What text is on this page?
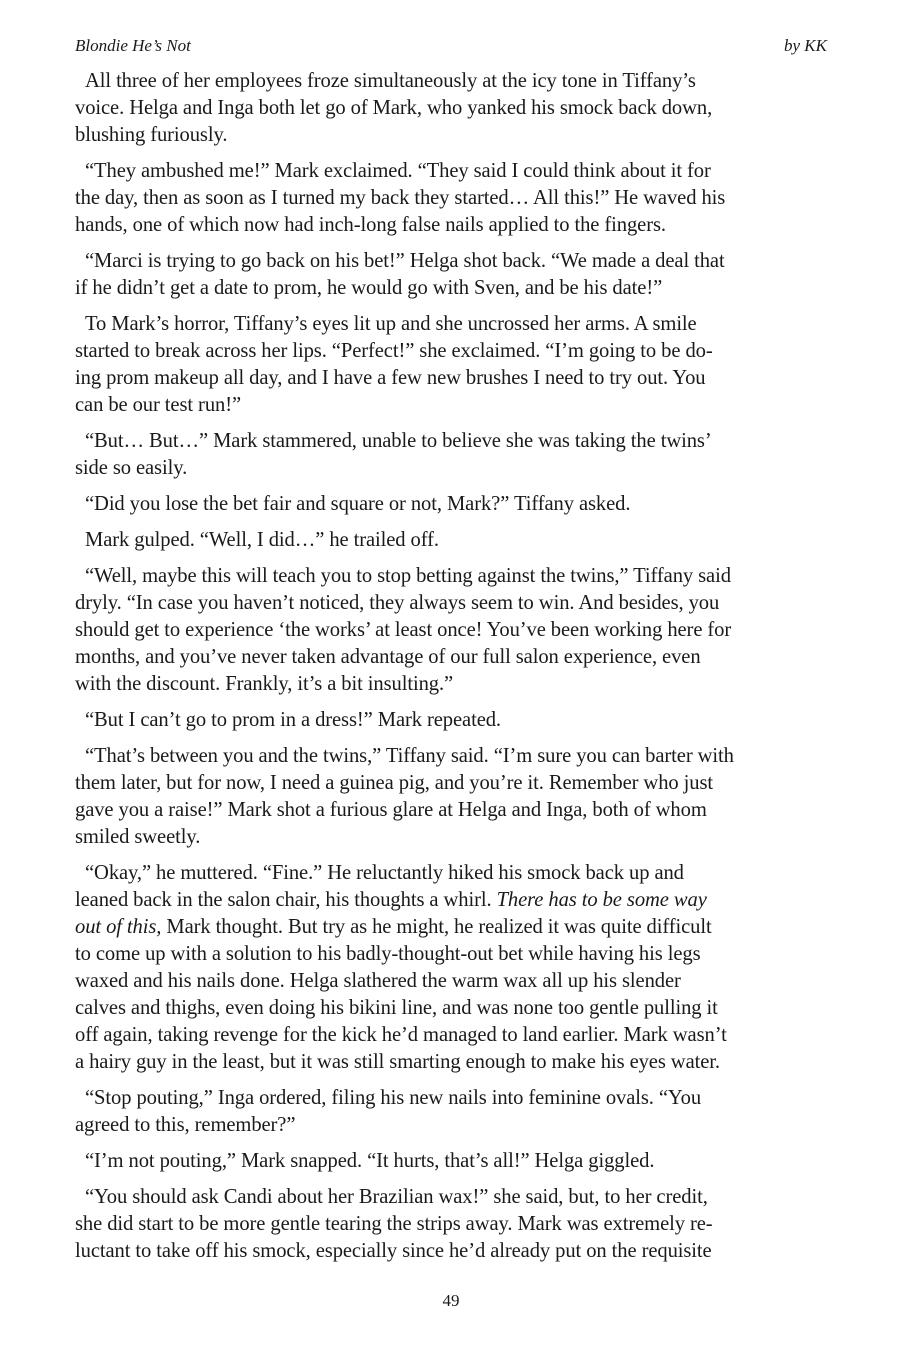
Blondie He’s Not	by KK

All three of her employees froze simultaneously at the icy tone in Tiffany’s
voice. Helga and Inga both let go of Mark, who yanked his smock back down,
blushing furiously.

“They ambushed me!” Mark exclaimed. “They said I could think about it for
the day, then as soon as I turned my back they started… All this!” He waved his
hands, one of which now had inch-long false nails applied to the fingers.

“Marci is trying to go back on his bet!” Helga shot back. “We made a deal that
if he didn’t get a date to prom, he would go with Sven, and be his date!”

To Mark’s horror, Tiffany’s eyes lit up and she uncrossed her arms. A smile
started to break across her lips. “Perfect!” she exclaimed. “I’m going to be do-
ing prom makeup all day, and I have a few new brushes I need to try out. You
can be our test run!”

“But… But…” Mark stammered, unable to believe she was taking the twins’
side so easily.

“Did you lose the bet fair and square or not, Mark?” Tiffany asked.

Mark gulped. “Well, I did…” he trailed off.

“Well, maybe this will teach you to stop betting against the twins,” Tiffany said
dryly. “In case you haven’t noticed, they always seem to win. And besides, you
should get to experience ‘the works’ at least once! You’ve been working here for
months, and you’ve never taken advantage of our full salon experience, even
with the discount. Frankly, it’s a bit insulting.”

“But I can’t go to prom in a dress!” Mark repeated.

“That’s between you and the twins,” Tiffany said. “I’m sure you can barter with
them later, but for now, I need a guinea pig, and you’re it. Remember who just
gave you a raise!” Mark shot a furious glare at Helga and Inga, both of whom
smiled sweetly.

“Okay,” he muttered. “Fine.” He reluctantly hiked his smock back up and
leaned back in the salon chair, his thoughts a whirl. There has to be some way
out of this, Mark thought. But try as he might, he realized it was quite difficult
to come up with a solution to his badly-thought-out bet while having his legs
waxed and his nails done. Helga slathered the warm wax all up his slender
calves and thighs, even doing his bikini line, and was none too gentle pulling it
off again, taking revenge for the kick he’d managed to land earlier. Mark wasn’t
a hairy guy in the least, but it was still smarting enough to make his eyes water.

“Stop pouting,” Inga ordered, filing his new nails into feminine ovals. “You
agreed to this, remember?”

“I’m not pouting,” Mark snapped. “It hurts, that’s all!” Helga giggled.

“You should ask Candi about her Brazilian wax!” she said, but, to her credit,
she did start to be more gentle tearing the strips away. Mark was extremely re-
luctant to take off his smock, especially since he’d already put on the requisite

49
